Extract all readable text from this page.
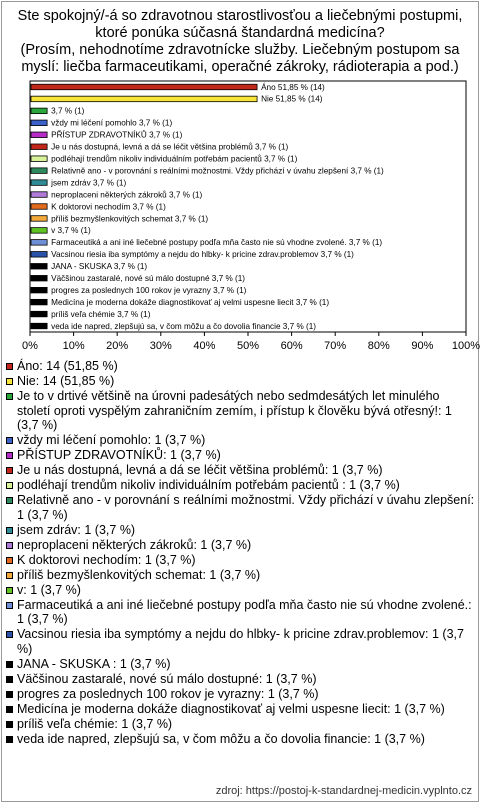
Ste spokojný/-á so zdravotnou starostlivosťou a liečebnými postupmi, ktoré ponúka súčasná štandardná medicína?
(Prosím, nehodnotíme zdravotnícke služby. Liečebným postupom sa myslí: liečba farmaceutikami, operačné zákroky, rádioterapia a pod.)
Áno 51,85 % (14)
Nie 51,85 % (14)
3,7 % (1)
vždy mi léčení pomohlo 3,7 % (1)
PŘÍSTUP ZDRAVOTNÍKŮ 3,7 % (1)
Je u nás dostupná, levná a dá se léčit většina problémů 3,7 % (1)
podléhají trendům nikoliv individuálním potřebám pacientů 3,7 % (1)
Relativně ano - v porovnání s reálními možnostmi. Vždy přichází v úvahu zlepšení 3,7 % (1)
jsem zdráv 3,7 % (1)
neproplaceni některých zákroků 3,7 % (1)
K doktorovi nechodím 3,7 % (1)
příliš bezmyšlenkovitých schemat 3,7 % (1)
v 3,7 % (1)
Farmaceutiká a ani iné liečebné postupy podľa mňa často nie sú vhodne zvolené. 3,7 % (1)
Vacsinou riesia iba symptómy a nejdu do hlbky- k pricine zdrav.problemov 3,7 % (1)
JANA - SKUSKA 3,7 % (1)
Väčšinou zastaralé, nové sú málo dostupné 3,7 % (1)
progres za poslednych 100 rokov je vyrazny 3,7 % (1)
Medicína je moderna dokáže diagnostikovať aj velmi uspesne liecit 3,7 % (1)
príliš veľa chémie 3,7 % (1)
veda ide napred, zlepšujú sa, v čom môžu a čo dovolia financie 3,7 % (1)
0% 10% 20% 30% 40% 50% 60% 70% 80% 90% 100%
Áno: 14 (51,85 %)
Nie: 14 (51,85 %)
Je to v drtivé většině na úrovni padesátých nebo sedmdesátých let minulého století oproti vyspělým zahraničním zemím, i přístup k člověku bývá otřesný!: 1 (3,7 %)
vždy mi léčení pomohlo: 1 (3,7 %)
PŘÍSTUP ZDRAVOTNÍKŮ: 1 (3,7 %)
Je u nás dostupná, levná a dá se léčit většina problémů: 1 (3,7 %)
podléhají trendům nikoliv individuálním potřebám pacientů : 1 (3,7 %)
Relativně ano - v porovnání s reálními možnostmi. Vždy přichází v úvahu zlepšení: 1 (3,7 %)
jsem zdráv: 1 (3,7 %)
neproplaceni některých zákroků: 1 (3,7 %)
K doktorovi nechodím: 1 (3,7 %)
příliš bezmyšlenkovitých schemat: 1 (3,7 %)
v: 1 (3,7 %)
Farmaceutiká a ani iné liečebné postupy podľa mňa často nie sú vhodne zvolené.: 1 (3,7 %)
Vacsinou riesia iba symptómy a nejdu do hlbky- k pricine zdrav.problemov: 1 (3,7 %)
JANA - SKUSKA : 1 (3,7 %)
Väčšinou zastaralé, nové sú málo dostupné: 1 (3,7 %)
progres za poslednych 100 rokov je vyrazny: 1 (3,7 %)
Medicína je moderna dokáže diagnostikovať aj velmi uspesne liecit: 1 (3,7 %)
príliš veľa chémie: 1 (3,7 %)
veda ide napred, zlepšujú sa, v čom môžu a čo dovolia financie: 1 (3,7 %)
zdroj: https://postoj-k-standardnej-medicin.vyplnto.cz
